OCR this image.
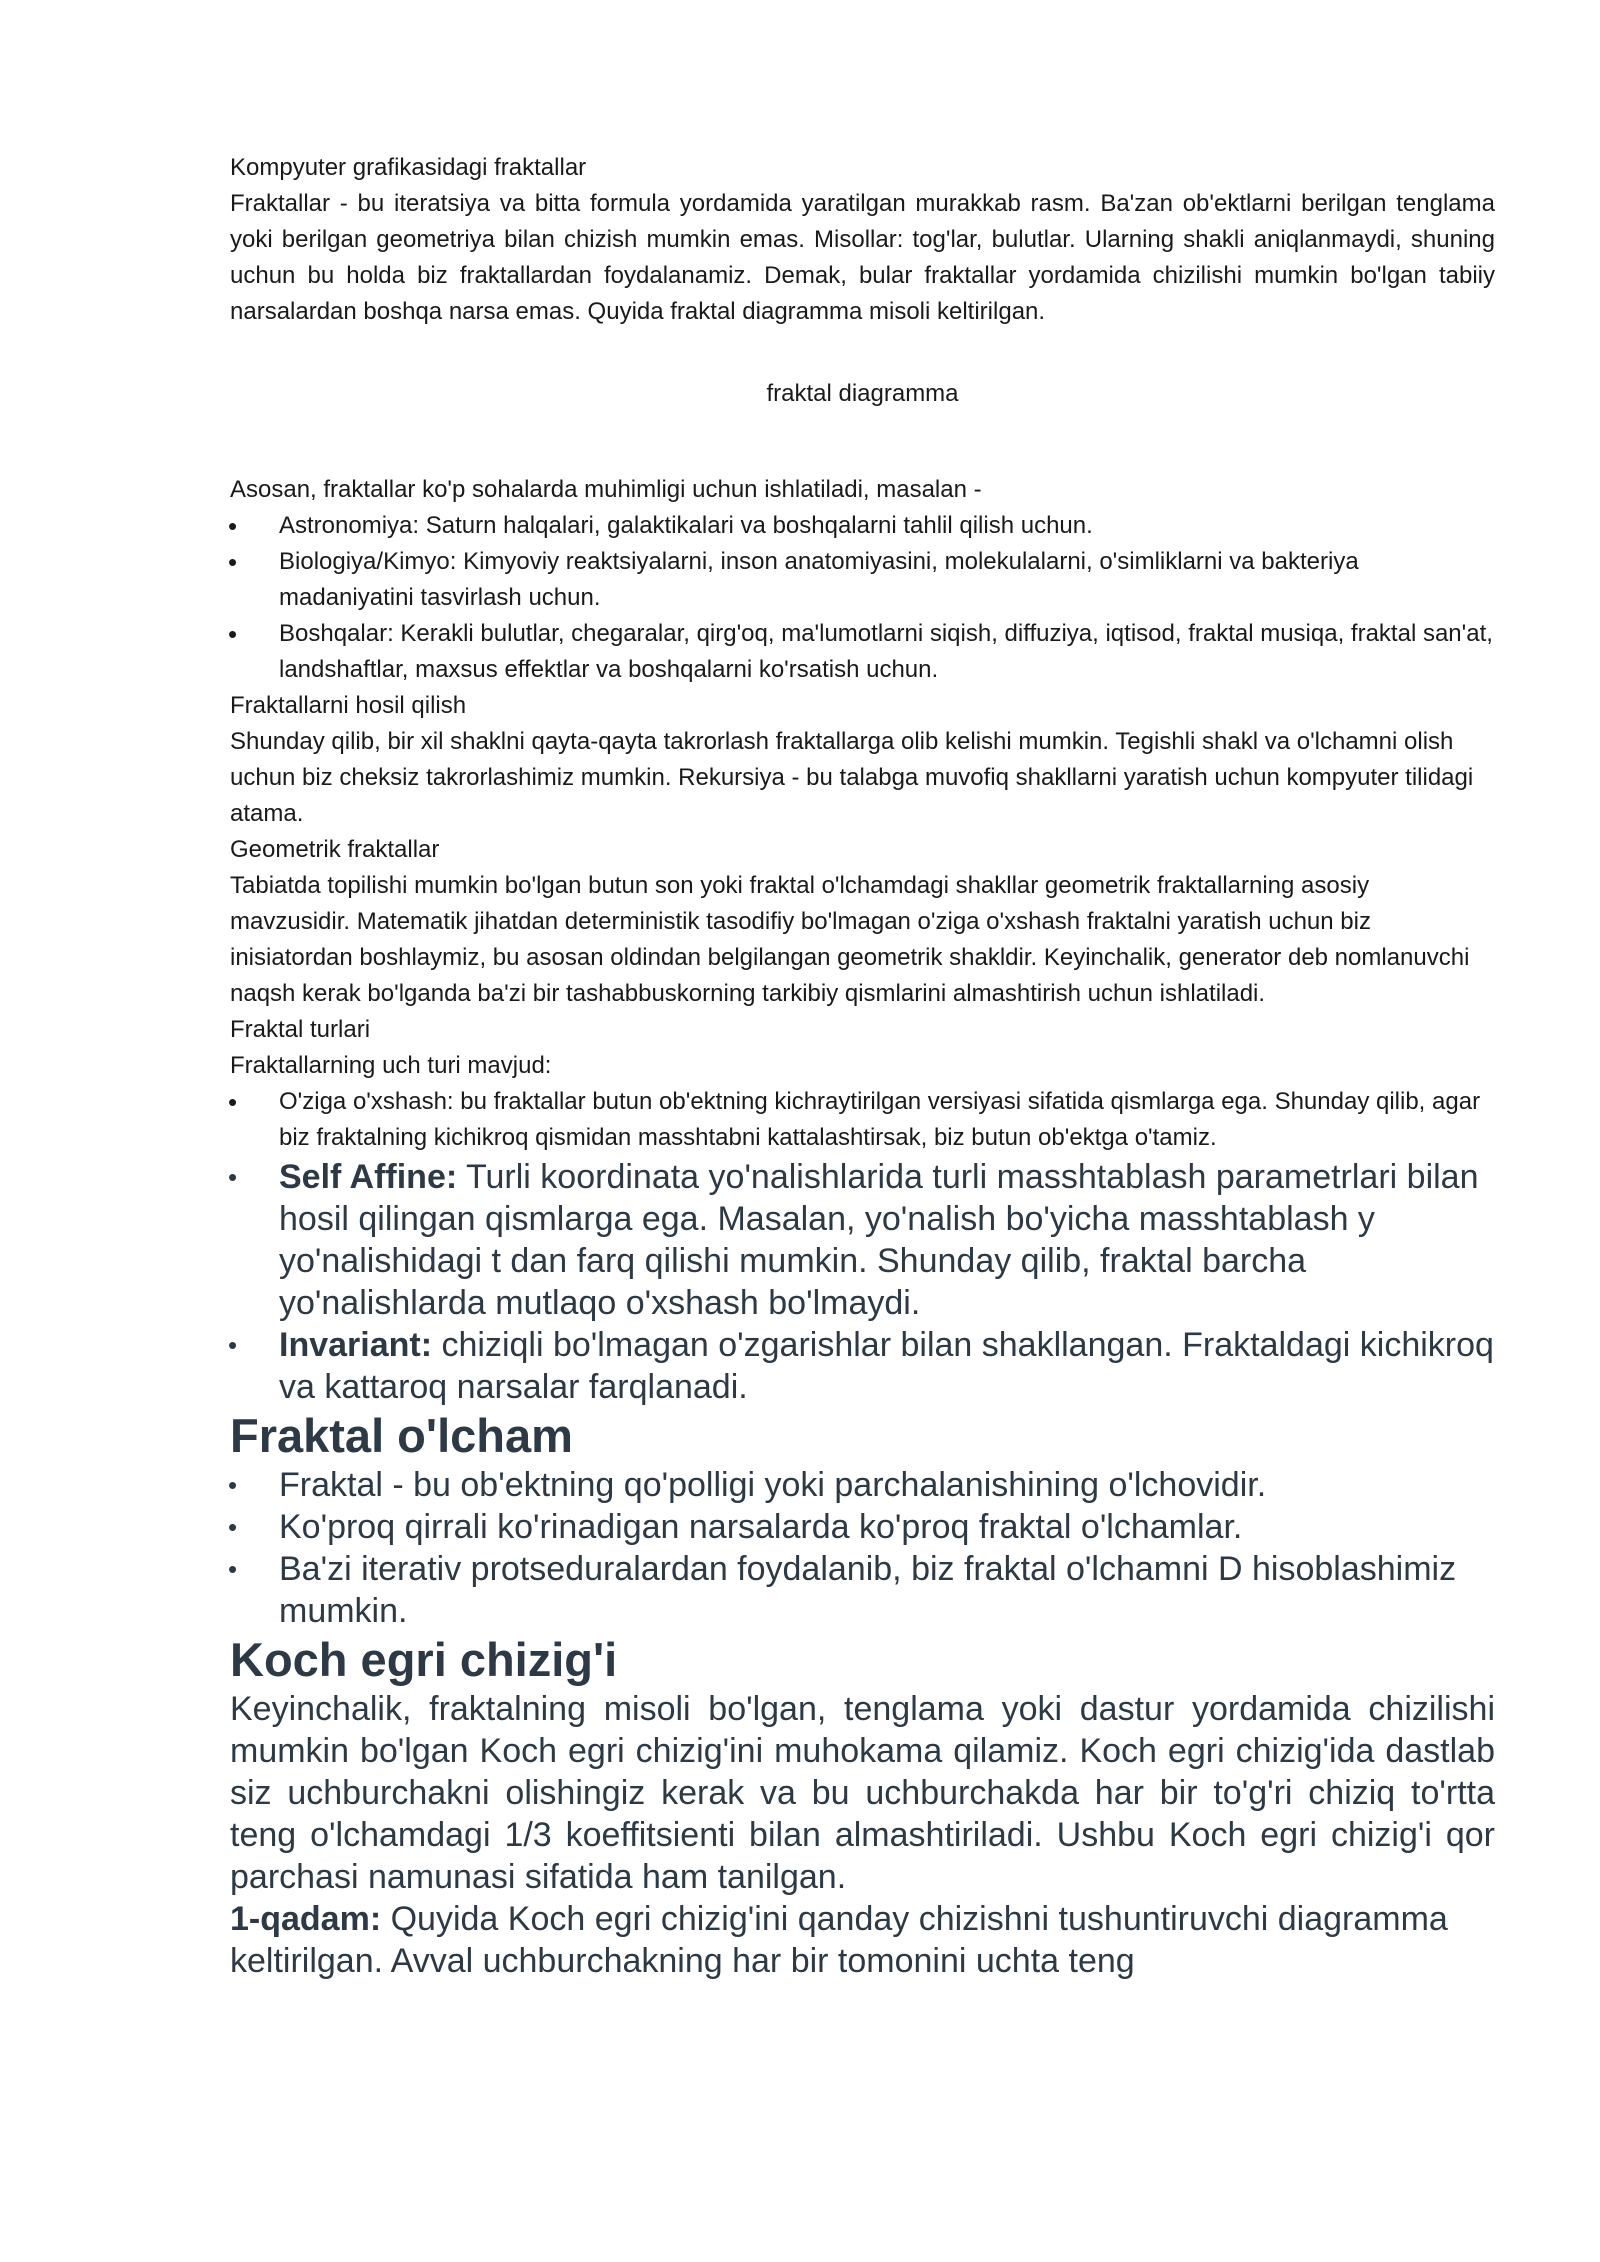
Kompyuter grafikasidagi fraktallar

Fraktallar - bu iteratsiya va bitta formula yordamida yaratilgan murakkab rasm. Ba'zan ob'ektlarni berilgan tenglama yoki berilgan geometriya bilan chizish mumkin emas. Misollar: tog'lar, bulutlar. Ularning shakli aniqlanmaydi, shuning uchun bu holda biz fraktallardan foydalanamiz. Demak, bular fraktallar yordamida chizilishi mumkin bo'lgan tabiiy narsalardan boshqa narsa emas. Quyida fraktal diagramma misoli keltirilgan.

fraktal diagramma

Asosan, fraktallar ko'p sohalarda muhimligi uchun ishlatiladi, masalan -

• Astronomiya: Saturn halqalari, galaktikalari va boshqalarni tahlil qilish uchun.
• Biologiya/Kimyo: Kimyoviy reaktsiyalarni, inson anatomiyasini, molekulalarni, o'simliklarni va bakteriya madaniyatini tasvirlash uchun.
• Boshqalar: Kerakli bulutlar, chegaralar, qirg'oq, ma'lumotlarni siqish, diffuziya, iqtisod, fraktal musiqa, fraktal san'at, landshaftlar, maxsus effektlar va boshqalarni ko'rsatish uchun.

Fraktallarni hosil qilish

Shunday qilib, bir xil shaklni qayta-qayta takrorlash fraktallarga olib kelishi mumkin. Tegishli shakl va o'lchamni olish uchun biz cheksiz takrorlashimiz mumkin. Rekursiya - bu talabga muvofiq shakllarni yaratish uchun kompyuter tilidagi atama.

Geometrik fraktallar

Tabiatda topilishi mumkin bo'lgan butun son yoki fraktal o'lchamdagi shakllar geometrik fraktallarning asosiy mavzusidir. Matematik jihatdan deterministik tasodifiy bo'lmagan o'ziga o'xshash fraktalni yaratish uchun biz inisiatordan boshlaymiz, bu asosan oldindan belgilangan geometrik shakldir. Keyinchalik, generator deb nomlanuvchi naqsh kerak bo'lganda ba'zi bir tashabbuskorning tarkibiy qismlarini almashtirish uchun ishlatiladi.

Fraktal turlari

Fraktallarning uch turi mavjud:

• O'ziga o'xshash: bu fraktallar butun ob'ektning kichraytirilgan versiyasi sifatida qismlarga ega. Shunday qilib, agar biz fraktalning kichikroq qismidan masshtabni kattalashtirsak, biz butun ob'ektga o'tamiz.
• Self Affine: Turli koordinata yo'nalishlarida turli masshtablash parametrlari bilan hosil qilingan qismlarga ega. Masalan, yo'nalish bo'yicha masshtablash y yo'nalishidagi t dan farq qilishi mumkin. Shunday qilib, fraktal barcha yo'nalishlarda mutlaqo o'xshash bo'lmaydi.
• Invariant: chiziqli bo'lmagan o'zgarishlar bilan shakllangan. Fraktaldagi kichikroq va kattaroq narsalar farqlanadi.
Fraktal o'lcham
• Fraktal - bu ob'ektning qo'polligi yoki parchalanishining o'lchovidir.
• Ko'proq qirrali ko'rinadigan narsalarda ko'proq fraktal o'lchamlar.
• Ba'zi iterativ protseduralardan foydalanib, biz fraktal o'lchamni D hisoblashimiz mumkin.
Koch egri chizig'i

Keyinchalik, fraktalning misoli bo'lgan, tenglama yoki dastur yordamida chizilishi mumkin bo'lgan Koch egri chizig'ini muhokama qilamiz. Koch egri chizig'ida dastlab siz uchburchakni olishingiz kerak va bu uchburchakda har bir to'g'ri chiziq to'rtta teng o'lchamdagi 1/3 koeffitsienti bilan almashtiriladi. Ushbu Koch egri chizig'i qor parchasi namunasi sifatida ham tanilgan.

1-qadam: Quyida Koch egri chizig'ini qanday chizishni tushuntiruvchi diagramma keltirilgan. Avval uchburchakning har bir tomonini uchta teng
